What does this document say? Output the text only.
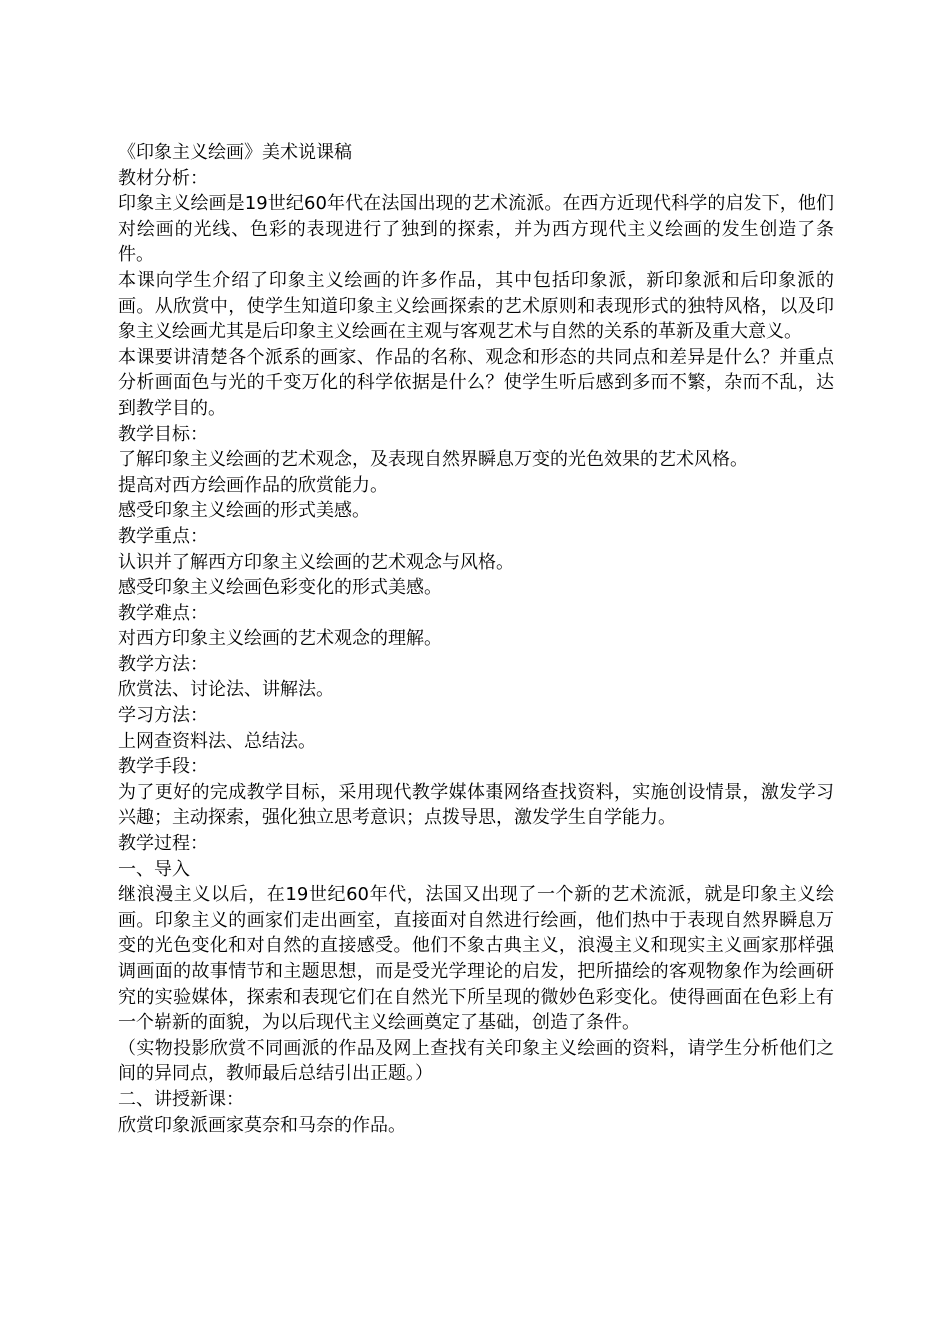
《印象主义绘画》美术说课稿

教材分析：

印象主义绘画是19世纪60年代在法国出现的艺术流派。在西方近现代科学的启发下，他们对绘画的光线、色彩的表现进行了独到的探索，并为西方现代主义绘画的发生创造了条件。

本课向学生介绍了印象主义绘画的许多作品，其中包括印象派，新印象派和后印象派的画。从欣赏中，使学生知道印象主义绘画探索的艺术原则和表现形式的独特风格，以及印象主义绘画尤其是后印象主义绘画在主观与客观艺术与自然的关系的革新及重大意义。

本课要讲清楚各个派系的画家、作品的名称、观念和形态的共同点和差异是什么？并重点分析画面色与光的千变万化的科学依据是什么？使学生听后感到多而不繁，杂而不乱，达到教学目的。

教学目标：

了解印象主义绘画的艺术观念，及表现自然界瞬息万变的光色效果的艺术风格。

提高对西方绘画作品的欣赏能力。

感受印象主义绘画的形式美感。

教学重点：

认识并了解西方印象主义绘画的艺术观念与风格。

感受印象主义绘画色彩变化的形式美感。

教学难点：

对西方印象主义绘画的艺术观念的理解。

教学方法：

欣赏法、讨论法、讲解法。

学习方法：

上网查资料法、总结法。

教学手段：

为了更好的完成教学目标，采用现代教学媒体棗网络查找资料，实施创设情景，激发学习兴趣；主动探索，强化独立思考意识；点拨导思，激发学生自学能力。

教学过程：

一、导入

继浪漫主义以后，在19世纪60年代，法国又出现了一个新的艺术流派，就是印象主义绘画。印象主义的画家们走出画室，直接面对自然进行绘画，他们热中于表现自然界瞬息万变的光色变化和对自然的直接感受。他们不象古典主义，浪漫主义和现实主义画家那样强调画面的故事情节和主题思想，而是受光学理论的启发，把所描绘的客观物象作为绘画研究的实验媒体，探索和表现它们在自然光下所呈现的微妙色彩变化。使得画面在色彩上有一个崭新的面貌，为以后现代主义绘画奠定了基础，创造了条件。

（实物投影欣赏不同画派的作品及网上查找有关印象主义绘画的资料，请学生分析他们之间的异同点，教师最后总结引出正题。）

二、讲授新课：

欣赏印象派画家莫奈和马奈的作品。
